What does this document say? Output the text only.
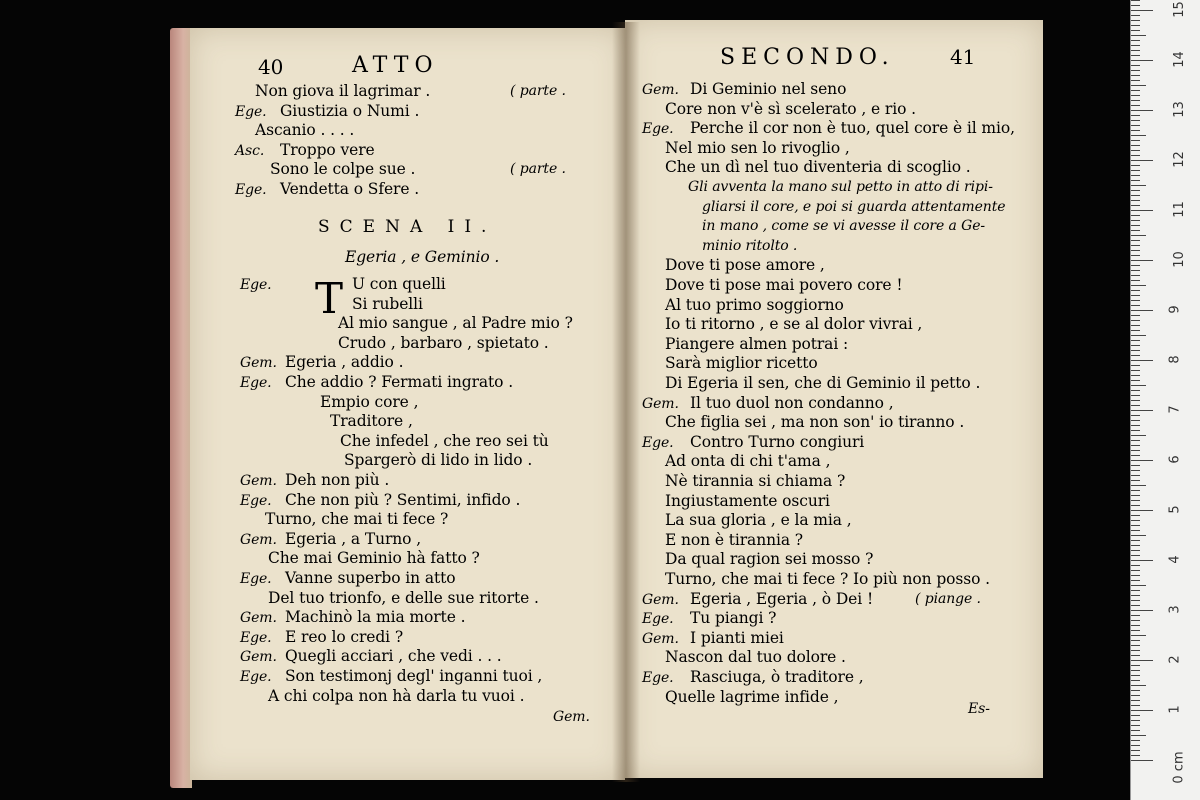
40	ATTO
SCENA II.
Egeria , e Geminio .
T
Gem.
SECONDO.	41
Es-	1
2
3
4
5
6
7
8
9
10
11
12
13
14
15
0 cm
Non giova il lagrimar .	( parte .
Ege. Giustizia o Numi .
Ascanio . . . .
Asc. Troppo vere
Sono le colpe sue .	( parte .
Ege. Vendetta o Sfere .
Ege.	U con quelli
Si rubelli
Al mio sangue , al Padre mio ?
Crudo , barbaro , spietato .
Gem. Egeria , addio .
Ege. Che addio ? Fermati ingrato .
Empio core ,
Traditore ,
Che infedel , che reo sei tù
Spargerò di lido in lido .
Gem. Deh non più .
Ege. Che non più ? Sentimi, infido .
Turno, che mai ti fece ?
Gem. Egeria , a Turno ,
Che mai Geminio hà fatto ?
Ege. Vanne superbo in atto
Del tuo trionfo, e delle sue ritorte .
Gem. Machinò la mia morte .
Ege. E reo lo credi ?
Gem. Quegli acciari , che vedi . . .
Ege. Son testimonj degl' inganni tuoi ,
A chi colpa non hà darla tu vuoi .
Gem. Di Geminio nel seno
Core non v'è sì scelerato , e rio .
Ege. Perche il cor non è tuo, quel core è il mio,
Nel mio sen lo rivoglio ,
Che un dì nel tuo diventeria di scoglio .
Gli avventa la mano sul petto in atto di ripi-
gliarsi il core, e poi si guarda attentamente
in mano , come se vi avesse il core a Ge-
minio ritolto .
Dove ti pose amore ,
Dove ti pose mai povero core !
Al tuo primo soggiorno
Io ti ritorno , e se al dolor vivrai ,
Piangere almen potrai :
Sarà miglior ricetto
Di Egeria il sen, che di Geminio il petto .
Gem. Il tuo duol non condanno ,
Che figlia sei , ma non son' io tiranno .
Ege. Contro Turno congiuri
Ad onta di chi t'ama ,
Nè tirannia si chiama ?
Ingiustamente oscuri
La sua gloria , e la mia ,
E non è tirannia ?
Da qual ragion sei mosso ?
Turno, che mai ti fece ? Io più non posso .
Gem. Egeria , Egeria , ò Dei !	( piange .
Ege. Tu piangi ?
Gem. I pianti miei
Nascon dal tuo dolore .
Ege. Rasciuga, ò traditore ,
Quelle lagrime infide ,
